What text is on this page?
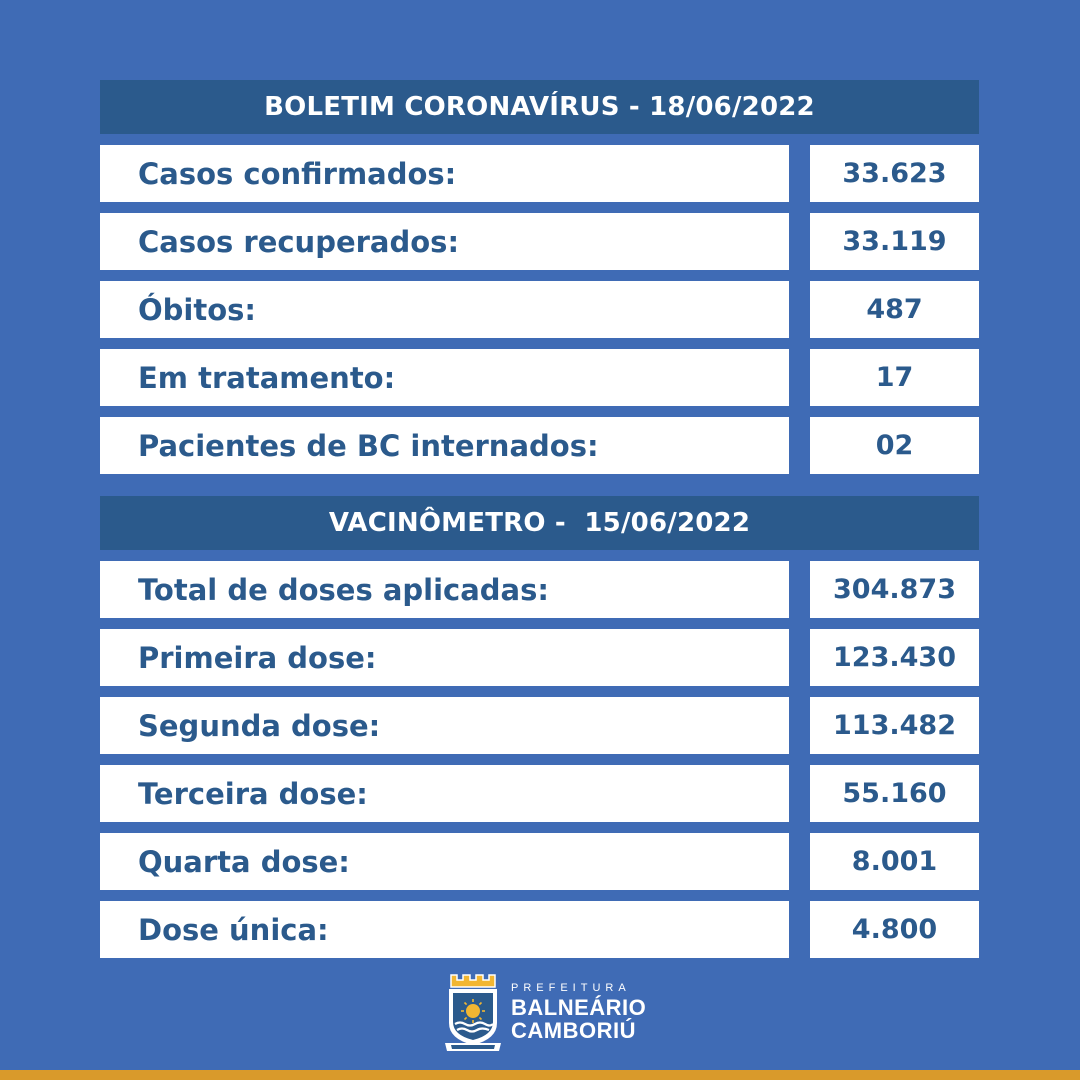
BOLETIM CORONAVÍRUS - 18/06/2022
Casos confirmados:	33.623
Casos recuperados:	33.119
Óbitos:	487
Em tratamento:	17
Pacientes de BC internados:	02
VACINÔMETRO -  15/06/2022
Total de doses aplicadas:	304.873
Primeira dose:	123.430
Segunda dose:	113.482
Terceira dose:	55.160
Quarta dose:	8.001
Dose única:	4.800
PREFEITURA
BALNEÁRIO
CAMBORIÚ
